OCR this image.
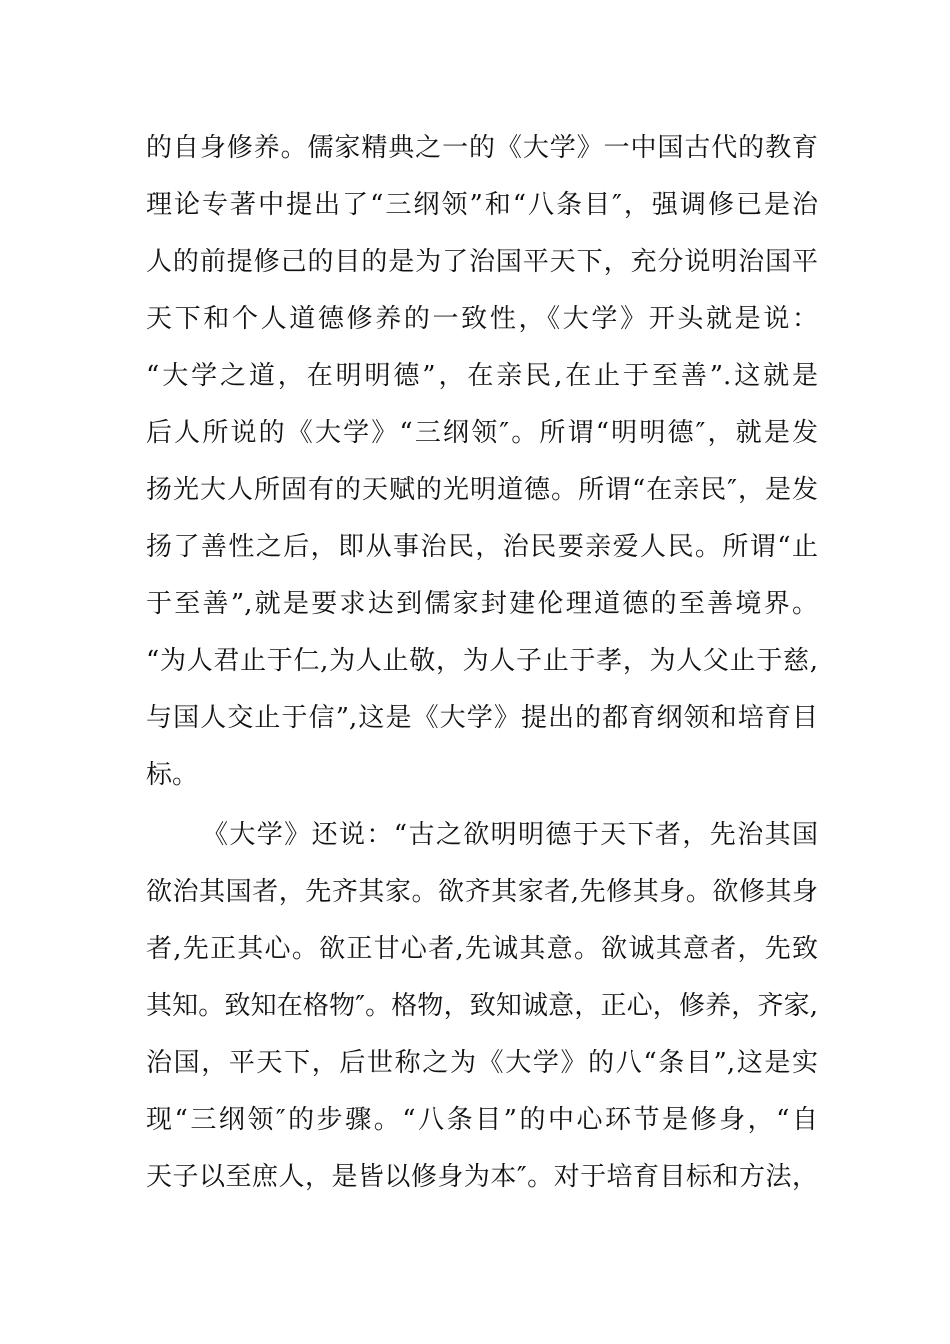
的自身修养。儒家精典之一的《大学》一中国古代的教育
理论专著中提出了“三纲领”和“八条目″，强调修已是治
人的前提修己的目的是为了治国平天下，充分说明治国平
天下和个人道德修养的一致性，《大学》开头就是说：
“大学之道，在明明德”，在亲民,在止于至善”.这就是
后人所说的《大学》“三纲领″。所谓“明明德″，就是发
扬光大人所固有的天赋的光明道德。所谓“在亲民″，是发
扬了善性之后，即从事治民，治民要亲爱人民。所谓“止
于至善”,就是要求达到儒家封建伦理道德的至善境界。
“为人君止于仁,为人止敬，为人子止于孝，为人父止于慈,
与国人交止于信”,这是《大学》提出的都育纲领和培育目
标。
《大学》还说：“古之欲明明德于天下者，先治其国
欲治其国者，先齐其家。欲齐其家者,先修其身。欲修其身
者,先正其心。欲正甘心者,先诚其意。欲诚其意者，先致
其知。致知在格物″。格物，致知诚意，正心，修养，齐家,
治国，平天下，后世称之为《大学》的八“条目”,这是实
现“三纲领″的步骤。“八条目”的中心环节是修身，“自
天子以至庶人，是皆以修身为本″。对于培育目标和方法，
